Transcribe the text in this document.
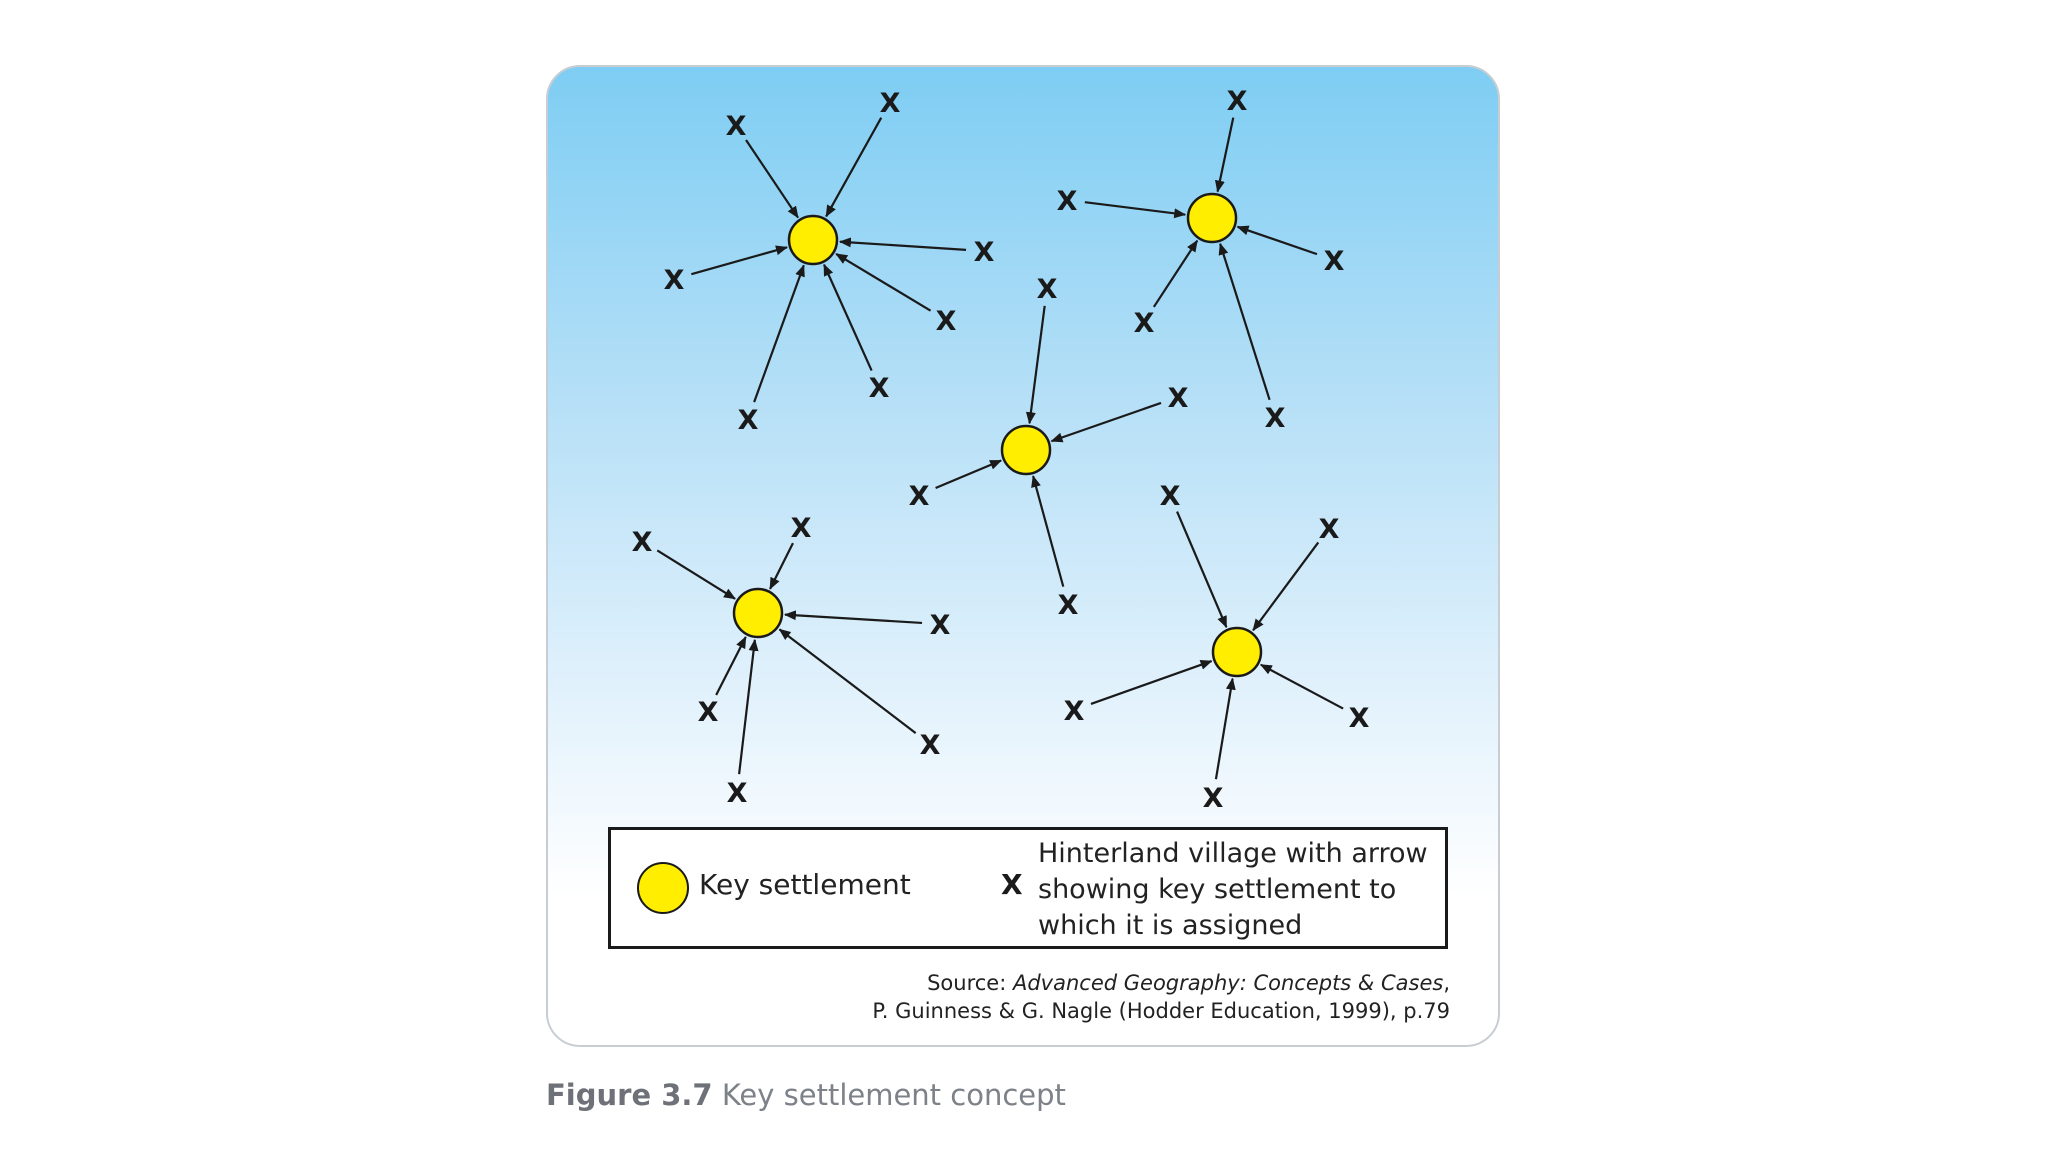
X
X
X
X
X
X
X
X
X
X
X
X
X
X
X
X
X	X
X
X
X
X
X
X
X	X
X
Key settlement	X
Hinterland village with arrow
showing key settlement to
which it is assigned
Source: Advanced Geography: Concepts & Cases,
P. Guinness & G. Nagle (Hodder Education, 1999), p.79
Figure 3.7 Key settlement concept
